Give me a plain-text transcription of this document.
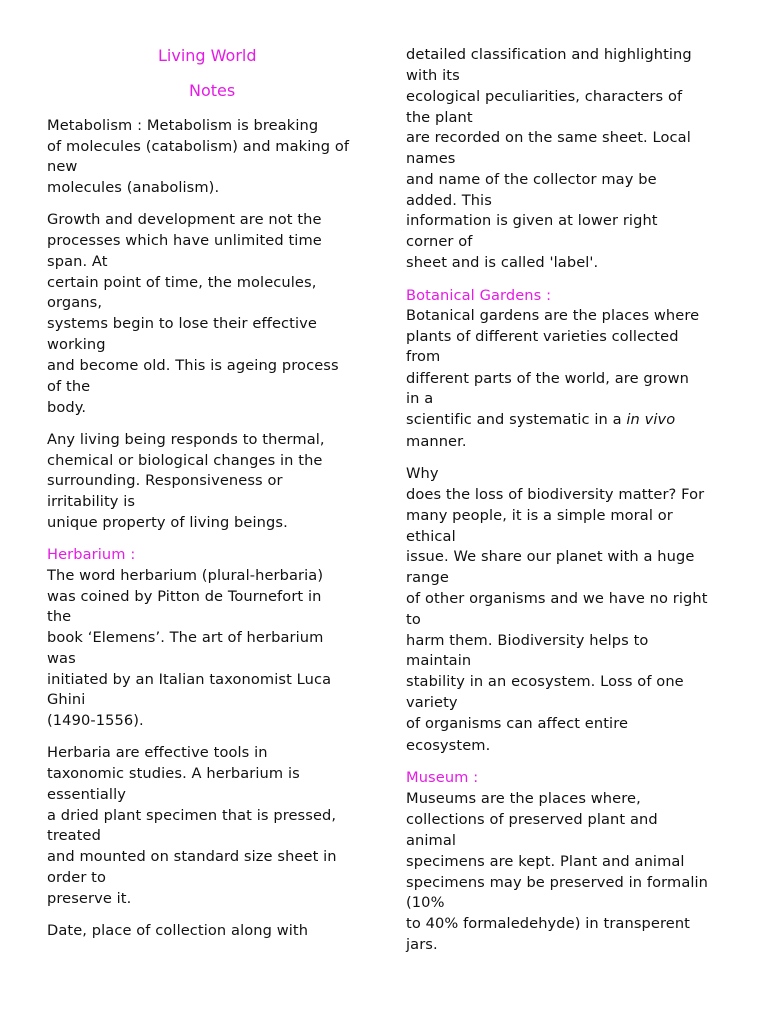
Living World
Notes
Metabolism : Metabolism is breaking
of molecules (catabolism) and making of
new
molecules (anabolism).
Growth and development are not the
processes which have unlimited time
span. At
certain point of time, the molecules,
organs,
systems begin to lose their effective
working
and become old. This is ageing process
of the
body.
Any living being responds to thermal,
chemical or biological changes in the
surrounding. Responsiveness or
irritability is
unique property of living beings.
Herbarium :
The word herbarium (plural-herbaria)
was coined by Pitton de Tournefort in
the
book ‘Elemens’. The art of herbarium
was
initiated by an Italian taxonomist Luca
Ghini
(1490-1556).
Herbaria are effective tools in
taxonomic studies. A herbarium is
essentially
a dried plant specimen that is pressed,
treated
and mounted on standard size sheet in
order to
preserve it.
Date, place of collection along with
detailed classification and highlighting
with its
ecological peculiarities, characters of
the plant
are recorded on the same sheet. Local
names
and name of the collector may be
added. This
information is given at lower right
corner of
sheet and is called 'label'.
Botanical Gardens :
Botanical gardens are the places where
plants of different varieties collected
from
different parts of the world, are grown
in a
scientific and systematic in a in vivo
manner.
Why
does the loss of biodiversity matter? For
many people, it is a simple moral or
ethical
issue. We share our planet with a huge
range
of other organisms and we have no right
to
harm them. Biodiversity helps to
maintain
stability in an ecosystem. Loss of one
variety
of organisms can affect entire
ecosystem.
Museum :
Museums are the places where,
collections of preserved plant and
animal
specimens are kept. Plant and animal
specimens may be preserved in formalin
(10%
to 40% formaledehyde) in transperent
jars.
